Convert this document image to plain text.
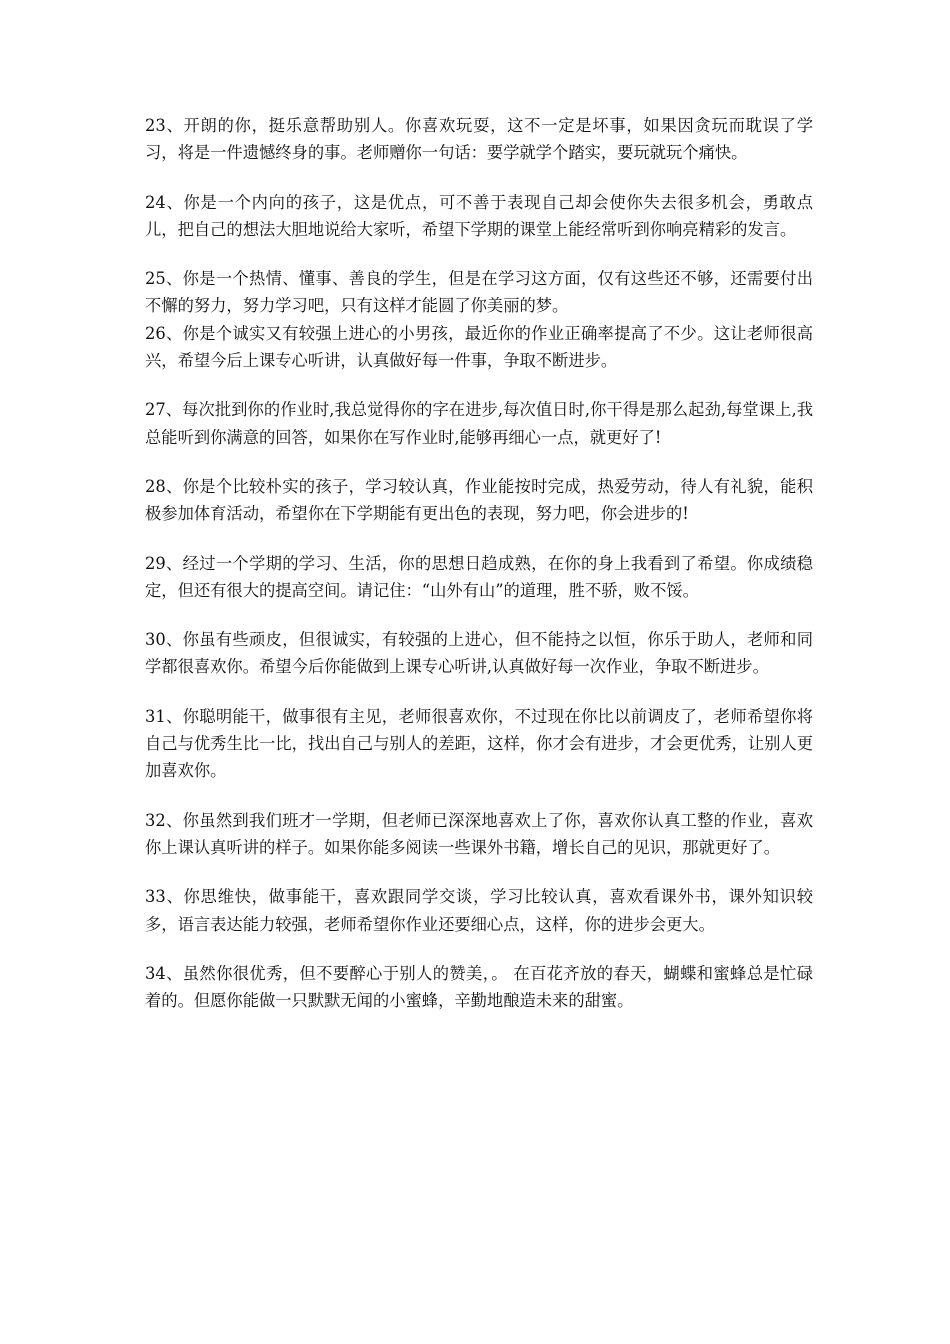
23、开朗的你，挺乐意帮助别人。你喜欢玩耍，这不一定是坏事，如果因贪玩而耽误了学习，将是一件遗憾终身的事。老师赠你一句话：要学就学个踏实，要玩就玩个痛快。

24、你是一个内向的孩子，这是优点，可不善于表现自己却会使你失去很多机会，勇敢点儿，把自己的想法大胆地说给大家听，希望下学期的课堂上能经常听到你响亮精彩的发言。

25、你是一个热情、懂事、善良的学生，但是在学习这方面，仅有这些还不够，还需要付出不懈的努力，努力学习吧，只有这样才能圆了你美丽的梦。

26、你是个诚实又有较强上进心的小男孩，最近你的作业正确率提高了不少。这让老师很高兴，希望今后上课专心听讲，认真做好每一件事，争取不断进步。

27、每次批到你的作业时,我总觉得你的字在进步,每次值日时,你干得是那么起劲,每堂课上,我总能听到你满意的回答，如果你在写作业时,能够再细心一点，就更好了!

28、你是个比较朴实的孩子，学习较认真，作业能按时完成，热爱劳动，待人有礼貌，能积极参加体育活动，希望你在下学期能有更出色的表现，努力吧，你会进步的!

29、经过一个学期的学习、生活，你的思想日趋成熟，在你的身上我看到了希望。你成绩稳定，但还有很大的提高空间。请记住：“山外有山”的道理，胜不骄，败不馁。

30、你虽有些顽皮，但很诚实，有较强的上进心，但不能持之以恒，你乐于助人，老师和同学都很喜欢你。希望今后你能做到上课专心听讲,认真做好每一次作业，争取不断进步。

31、你聪明能干，做事很有主见，老师很喜欢你，不过现在你比以前调皮了，老师希望你将自己与优秀生比一比，找出自己与别人的差距，这样，你才会有进步，才会更优秀，让别人更加喜欢你。

32、你虽然到我们班才一学期，但老师已深深地喜欢上了你，喜欢你认真工整的作业，喜欢你上课认真听讲的样子。如果你能多阅读一些课外书籍，增长自己的见识，那就更好了。

33、你思维快，做事能干，喜欢跟同学交谈，学习比较认真，喜欢看课外书，课外知识较多，语言表达能力较强，老师希望你作业还要细心点，这样，你的进步会更大。

34、虽然你很优秀，但不要醉心于别人的赞美，。 在百花齐放的春天，蝴蝶和蜜蜂总是忙碌着的。但愿你能做一只默默无闻的小蜜蜂，辛勤地酿造未来的甜蜜。
